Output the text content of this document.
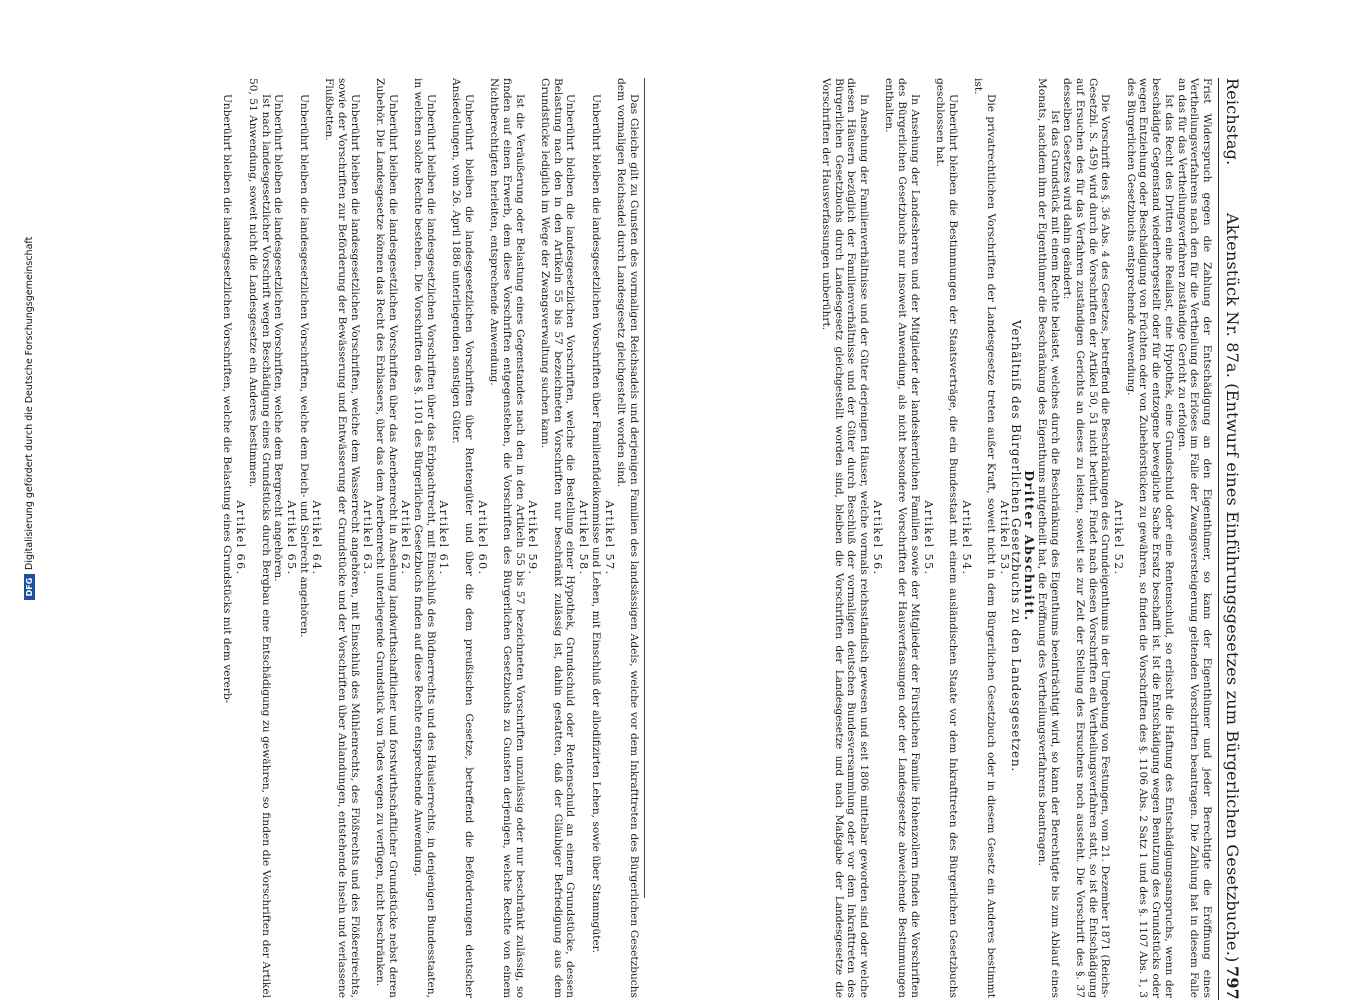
Reichstag.
Aktenstück Nr. 87a. (Entwurf eines Einführungsgesetzes zum Bürgerlichen Gesetzbuche.)
797

Frist Widerspruch gegen die Zahlung der Entschädigung an den Eigenthümer, so kann der Eigenthümer und jeder Berechtigte die Eröffnung eines Vertheilungsverfahrens nach den für die Vertheilung des Erlöses im Falle der Zwangsversteigerung geltenden Vorschriften beantragen. Die Zahlung hat in diesem Falle an das für das Vertheilungsverfahren zuständige Gericht zu erfolgen.

Ist das Recht des Dritten eine Reallast, eine Hypothek, eine Grundschuld oder eine Rentenschuld, so erlischt die Haftung des Entschädigungsanspruchs, wenn der beschädigte Gegenstand wiederhergestellt oder für die entzogene bewegliche Sache Ersatz beschafft ist. Ist die Entschädigung wegen Benutzung des Grundstücks oder wegen Entziehung oder Beschädigung von Früchten oder von Zubehörstücken zu gewähren, so finden die Vorschriften des §. 1106 Abs. 2 Satz 1 und des §. 1107 Abs. 1, 3 des Bürgerlichen Gesetzbuchs entsprechende Anwendung.

Artikel 52.

Die Vorschrift des §. 36 Abs. 4 des Gesetzes, betreffend die Beschränkungen des Grundeigenthums in der Umgebung von Festungen, vom 21. Dezember 1871 (Reichs-Gesetzbl. S. 459) wird durch die Vorschriften der Artikel 50, 51 nicht berührt. Findet nach diesen Vorschriften ein Vertheilungsverfahren statt, so ist die Entschädigung auf Ersuchen des für das Verfahren zuständigen Gerichts an dieses zu leisten, soweit sie zur Zeit der Stellung des Ersuchens noch aussteht. Die Vorschrift des §. 37 desselben Gesetzes wird dahin geändert:

Ist das Grundstück mit einem Rechte belastet, welches durch die Beschränkung des Eigenthums beeinträchtigt wird, so kann der Berechtigte bis zum Ablauf eines Monats, nachdem ihm der Eigenthümer die Beschränkung des Eigenthums mitgetheilt hat, die Eröffnung des Vertheilungsverfahrens beantragen.

Dritter Abschnitt.

Verhältniß des Bürgerlichen Gesetzbuchs zu den Landesgesetzen.

Artikel 53.

Die privatrechtlichen Vorschriften der Landesgesetze treten außer Kraft, soweit nicht in dem Bürgerlichen Gesetzbuch oder in diesem Gesetz ein Anderes bestimmt ist.

Artikel 54.

Unberührt bleiben die Bestimmungen der Staatsverträge, die ein Bundesstaat mit einem ausländischen Staate vor dem Inkrafttreten des Bürgerlichen Gesetzbuchs geschlossen hat.

Artikel 55.

In Ansehung der Landesherren und der Mitglieder der landesherrlichen Familien sowie der Mitglieder der Fürstlichen Familie Hohenzollern finden die Vorschriften des Bürgerlichen Gesetzbuchs nur insoweit Anwendung, als nicht besondere Vorschriften der Hausverfassungen oder der Landesgesetze abweichende Bestimmungen enthalten.

Artikel 56.

In Ansehung der Familienverhältnisse und der Güter derjenigen Häuser, welche vormals reichsständisch gewesen und seit 1806 mittelbar geworden sind oder welche diesen Häusern bezüglich der Familienverhältnisse und der Güter durch Beschluß der vormaligen deutschen Bundesversammlung oder vor dem Inkrafttreten des Bürgerlichen Gesetzbuchs durch Landesgesetz gleichgestellt worden sind, bleiben die Vorschriften der Landesgesetze und nach Maßgabe der Landesgesetze die Vorschriften der Hausverfassungen unberührt.

Das Gleiche gilt zu Gunsten des vormaligen Reichsadels und derjenigen Familien des landsässigen Adels, welche vor dem Inkrafttreten des Bürgerlichen Gesetzbuchs dem vormaligen Reichsadel durch Landesgesetz gleichgestellt worden sind.

Artikel 57.

Unberührt bleiben die landesgesetzlichen Vorschriften über Familienfideikommisse und Lehen, mit Einschluß der allodifizirten Lehen, sowie über Stammgüter.

Artikel 58.

Unberührt bleiben die landesgesetzlichen Vorschriften, welche die Bestellung einer Hypothek, Grundschuld oder Rentenschuld an einem Grundstücke, dessen Belastung nach den in den Artikeln 55 bis 57 bezeichneten Vorschriften nur beschränkt zulässig ist, dahin gestatten, daß der Gläubiger Befriedigung aus dem Grundstücke lediglich im Wege der Zwangsverwaltung suchen kann.

Artikel 59.

Ist die Veräußerung oder Belastung eines Gegenstandes nach den in den Artikeln 55 bis 57 bezeichneten Vorschriften unzulässig oder nur beschränkt zulässig, so finden auf einen Erwerb, dem diese Vorschriften entgegenstehen, die Vorschriften des Bürgerlichen Gesetzbuchs zu Gunsten derjenigen, welche Rechte von einem Nichtberechtigten herleiten, entsprechende Anwendung.

Artikel 60.

Unberührt bleiben die landesgesetzlichen Vorschriften über Rentengüter und über die dem preußischen Gesetze, betreffend die Beförderungen deutscher Ansiedelungen, vom 26. April 1886 unterliegenden sonstigen Güter.

Artikel 61.

Unberührt bleiben die landesgesetzlichen Vorschriften über das Erbpachtrecht, mit Einschluß des Büdnerrechts und des Häuslerrechts, in denjenigen Bundesstaaten, in welchen solche Rechte bestehen. Die Vorschriften des §. 1101 des Bürgerlichen Gesetzbuchs finden auf diese Rechte entsprechende Anwendung.

Artikel 62.

Unberührt bleiben die landesgesetzlichen Vorschriften über das Anerbenrecht in Ansehung landwirthschaftlicher und forstwirthschaftlicher Grundstücke nebst deren Zubehör. Die Landesgesetze können das Recht des Erblassers, über das dem Anerbenrecht unterliegende Grundstück von Todes wegen zu verfügen, nicht beschränken.

Artikel 63.

Unberührt bleiben die landesgesetzlichen Vorschriften, welche dem Wasserrecht angehören, mit Einschluß des Mühlenrechts, des Flößrechts und des Flößereirechts, sowie der Vorschriften zur Beförderung der Bewässerung und Entwässerung der Grundstücke und der Vorschriften über Anlandungen, entstehende Inseln und verlassene Flußbetten.

Artikel 64.

Unberührt bleiben die landesgesetzlichen Vorschriften, welche dem Deich- und Sielrecht angehören.

Artikel 65.

Unberührt bleiben die landesgesetzlichen Vorschriften, welche dem Bergrecht angehören.

Ist nach landesgesetzlicher Vorschrift wegen Beschädigung eines Grundstücks durch Bergbau eine Entschädigung zu gewähren, so finden die Vorschriften der Artikel 50, 51 Anwendung, soweit nicht die Landesgesetze ein Anderes bestimmen.

Artikel 66.

Unberührt bleiben die landesgesetzlichen Vorschriften, welche die Belastung eines Grundstücks mit dem vererb-

DFGDigitalisierung gefördert durch die Deutsche Forschungsgemeinschaft
